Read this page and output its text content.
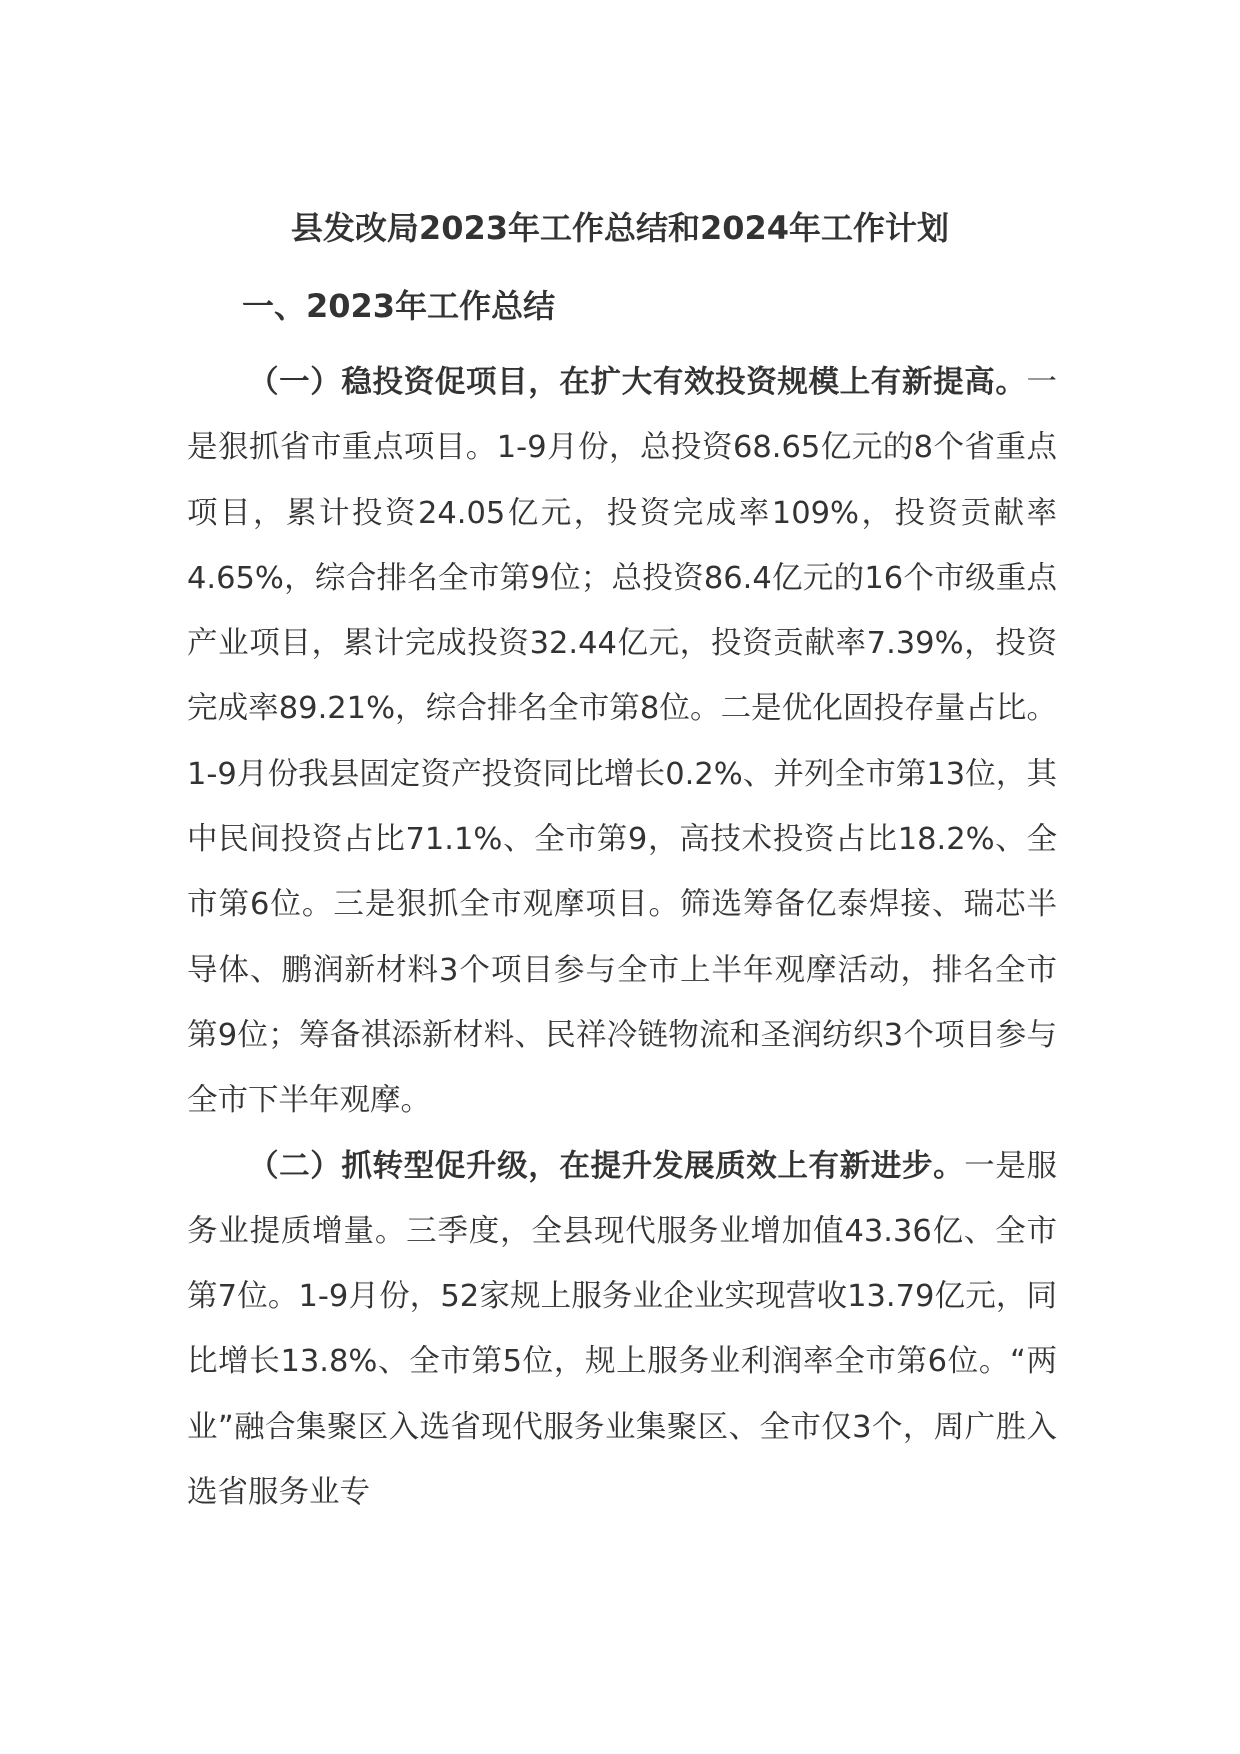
县发改局2023年工作总结和2024年工作计划
一、2023年工作总结

（一）稳投资促项目，在扩大有效投资规模上有新提高。一是狠抓省市重点项目。1-9月份，总投资68.65亿元的8个省重点项目，累计投资24.05亿元，投资完成率109%，投资贡献率4.65%，综合排名全市第9位；总投资86.4亿元的16个市级重点产业项目，累计完成投资32.44亿元，投资贡献率7.39%，投资完成率89.21%，综合排名全市第8位。二是优化固投存量占比。1-9月份我县固定资产投资同比增长0.2%、并列全市第13位，其中民间投资占比71.1%、全市第9，高技术投资占比18.2%、全市第6位。三是狠抓全市观摩项目。筛选筹备亿泰焊接、瑞芯半导体、鹏润新材料3个项目参与全市上半年观摩活动，排名全市第9位；筹备祺添新材料、民祥冷链物流和圣润纺织3个项目参与全市下半年观摩。

（二）抓转型促升级，在提升发展质效上有新进步。一是服务业提质增量。三季度，全县现代服务业增加值43.36亿、全市第7位。1-9月份，52家规上服务业企业实现营收13.79亿元，同比增长13.8%、全市第5位，规上服务业利润率全市第6位。“两业”融合集聚区入选省现代服务业集聚区、全市仅3个，周广胜入选省服务业专
